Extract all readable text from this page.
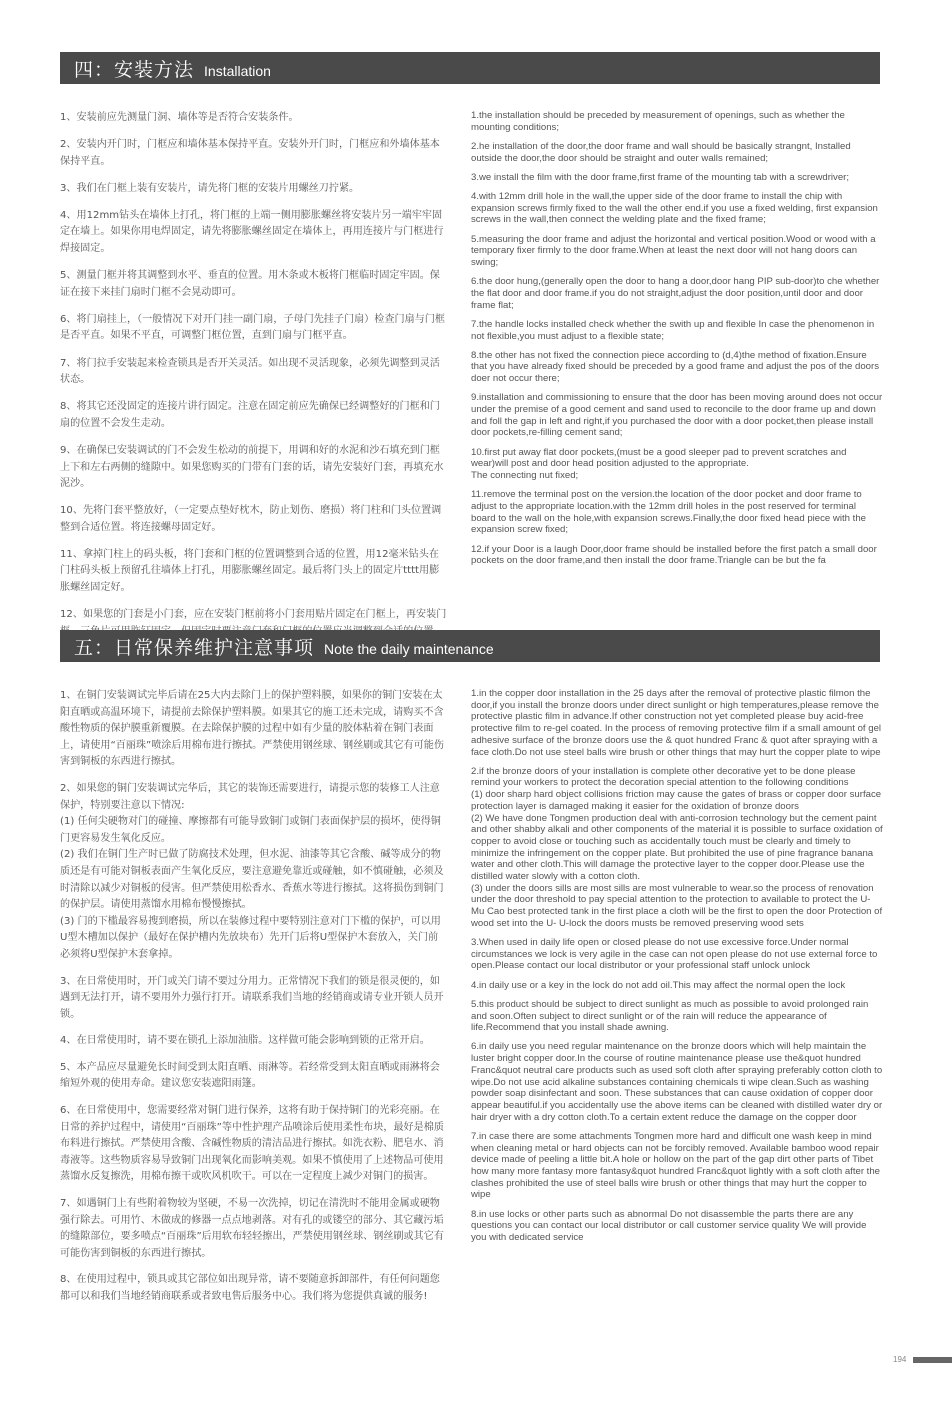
四：安装方法 Installation

1、安装前应先测量门洞、墙体等是否符合安装条件。

2、安装内开门时，门框应和墙体基本保持平直。安装外开门时，门框应和外墙体基本保持平直。

3、我们在门框上装有安装片，请先将门框的安装片用螺丝刀拧紧。

4、用12mm钻头在墙体上打孔，将门框的上端一侧用膨胀螺丝将安装片另一端牢牢固定在墙上。如果你用电焊固定，请先将膨胀螺丝固定在墙体上，再用连接片与门框进行焊接固定。

5、测量门框并将其调整到水平、垂直的位置。用木条或木板将门框临时固定牢固。保证在接下来挂门扇时门框不会晃动即可。

6、将门扇挂上，（一般情况下对开门挂一副门扇，子母门先挂子门扇）检查门扇与门框是否平直。如果不平直，可调整门框位置，直到门扇与门框平直。

7、将门拉手安装起来检查锁具是否开关灵活。如出现不灵活现象，必须先调整到灵活状态。

8、将其它还没固定的连接片讲行固定。注意在固定前应先确保已经调整好的门框和门扇的位置不会发生走动。

9、在确保已安装调试的门不会发生松动的前提下，用调和好的水泥和沙石填充到门框上下和左右两侧的缝隙中。如果您购买的门带有门套的话，请先安装好门套，再填充水泥沙。

10、先将门套平整放好，（一定要点垫好枕木，防止划伤、磨损）将门柱和门头位置调整到合适位置。将连接螺母固定好。

11、拿掉门柱上的码头板，将门套和门框的位置调整到合适的位置，用12毫米钻头在门柱码头板上预留孔往墙体上打孔，用膨胀螺丝固定。最后将门头上的固定片tttt用膨胀螺丝固定好。

12、如果您的门套是小门套，应在安装门框前将小门套用贴片固定在门框上，再安装门

1.the installation should be preceded by measurement of openings, such as whether the mounting conditions;

2.he installation of the door,the door frame and wall should be basically strangnt, Installed outside the door,the door should be straight and outer walls remained;

3.we install the film with the door frame,first frame of the mounting tab with a screwdriver;

4.with 12mm drill hole in the wall,the upper side of the door frame to install the chip with expansion screws firmly fixed to the wall the other end.if you use a fixed welding, first expansion screws in the wall,then connect the welding plate and the fixed frame;

5.measuring the door frame and adjust the horizontal and vertical position.Wood or wood with a temporary fixer firmly to the door frame.When at least the next door will not hang doors can swing;

6.the door hung,(generally open the door to hang a door,door hang PIP sub-door)to che whether the flat door and door frame.if you do not straight,adjust the door position,until door and door frame flat;

7.the handle locks installed check whether the swith up and flexible In case the phenomenon in not flexible,you must adjust to a flexible state;

8.the other has not fixed the connection piece according to (d,4)the method of fixation.Ensure that you have already fixed should be preceded by a good frame and adjust the pos of the doors doer not occur there;

9.installation and commissioning to ensure that the door has been moving around does not occur under the premise of a good cement and sand used to reconcile to the door frame up and down and foll the gap in left and right,if you purchased the door with a door pocket,then please install door pockets,re-filling cement sand;

10.first put away flat door pockets,(must be a good sleeper pad to prevent scratches and wear)will post and door head position adjusted to the appropriate.
The connecting nut fixed;

11.remove the terminal post on the version.the location of the door pocket and door frame to adjust to the appropriate location.with the 12mm drill holes in the post reserved for terminal board to the wall on the hole,with expansion screws.Finally,the door fixed head piece with the expansion screw fixed;

12.if your Door is a laugh Door,door frame should be installed before the first patch a small door pockets on the door frame,and then install the door frame.Triangle can be but the fa

五：日常保养维护注意事项 Note the daily maintenance

1、在铜门安装调试完毕后请在25大内去除门上的保护塑料膜，如果你的铜门安装在太阳直晒或高温环境下，请提前去除保护塑料膜。如果其它的施工还未完成，请购买不含酸性物质的保护膜重新覆膜。在去除保护膜的过程中如有少量的胶体粘着在铜门表面上，请使用“百丽珠”喷涂后用棉布进行擦拭。严禁使用钢丝球、钢丝刷或其它有可能伤害到铜板的东西进行擦拭。

2、如果您的铜门安装调试完华后，其它的装饰还需要进行，请提示您的装修工人注意保护，特别要注意以下情况:
(1) 任何尖硬物对门的碰撞、摩擦都有可能导致铜门或铜门表面保护层的损坏，使得铜门更容易发生氧化反应。
(2) 我们在铜门生产时已做了防腐技术处理，但水泥、油漆等其它含酸、碱等成分的物质还是有可能对铜板表面产生氧化反应，要注意避免靠近或碰触，如不慎碰触，必须及时清除以减少对铜板的侵害。但严禁使用松香水、香蕉水等进行擦拭。这将损伤到铜门的保护层。请使用蒸馏水用棉布慢慢擦拭。
(3) 门的下槛最容易搜到磨损，所以在装修过程中要特别注意对门下槛的保护，可以用U型木槽加以保护（最好在保护槽内先放块布）先开门后将U型保护木套放入，关门前必须将U型保护木套拿掉。

3、在日常使用时，开门或关门请不要过分用力。正常情况下我们的锁是很灵便的，如遇到无法打开，请不要用外力强行打开。请联系我们当地的经销商或请专业开锁人员开锁。

4、在日常使用时，请不要在锁孔上添加油脂。这样做可能会影响到锁的正常开启。

5、本产品应尽量避免长时间受到太阳直晒、雨淋等。若经常受到太阳直晒或雨淋将会缩短外观的使用寿命。建议您安装遮阳雨篷。

6、在日常使用中，您需要经常对铜门进行保养，这将有助于保持铜门的光彩亮丽。在日常的养护过程中，请使用“百丽珠”等中性护理产品喷涂后使用柔性布块，最好是棉质布料进行擦拭。严禁使用含酸、含碱性物质的清洁品进行擦拭。如洗衣粉、肥皂水、消毒液等。这些物质容易导致铜门出现氧化而影响美观。如果不慎使用了上述物品可使用蒸馏水反复擦洗，用棉布擦干或吹风机吹干。可以在一定程度上减少对铜门的损害。

7、如遇铜门上有些附着物较为坚硬，不易一次洗掉，切记在清洗时不能用金属或硬物强行除去。可用竹、木做成的修器一点点地剥落。对有孔的或镂空的部分、其它藏污垢的缝隙部位，要多喷点“百丽珠”后用软布轻轻擦出，严禁使用钢丝球、钢丝刷或其它有可能伤害到铜板的东西进行擦拭。

8、在使用过程中，锁具或其它部位如出现异常，请不要随意拆卸部件，有任何问题您都可以和我们当地经销商联系或者致电售后服务中心。我们将为您提供真诚的服务!

1.in the copper door installation in the 25 days after the removal of protective plastic filmon the door,if you install the bronze doors under direct sunlight or high temperatures,please remove the protective plastic film in advance.If other construction not yet completed please buy acid-free protective film to re-gel coated. In the process of removing protective film if a small amount of gel adhesive surface of the bronze doors use the & quot hundred Franc & quot after spraying with a face cloth.Do not use steel balls wire brush or other things that may hurt the copper plate to wipe

2.if the bronze doors of your installation is complete other decorative yet to be done please remind your workers to protect the decoration special attention to the following conditions
(1) door sharp hard object collisions friction may cause the gates of brass or copper door surface protection layer is damaged making it easier for the oxidation of bronze doors
(2) We have done Tongmen production deal with anti-corrosion technology but the cement paint and other shabby alkali and other components of the material it is possible to surface oxidation of copper to avoid close or touching such as accidentally touch must be clearly and timely to minimize the infringement on the copper plate. But prohibited the use of pine fragrance banana water and other cloth.This will damage the protective layer to the copper door.Please use the distilled water slowly with a cotton cloth.
(3) under the doors sills are most sills are most vulnerable to wear.so the process of renovation under the door threshold to pay special attention to the protection to available to protect the U-Mu Cao best protected tank in the first place a cloth will be the first to open the door Protection of wood set into the U- U-lock the doors musts be removed preserving wood sets

3.When used in daily life open or closed please do not use excessive force.Under normal circumstances we lock is very agile in the case can not open please do not use external force to open.Please contact our local distributor or your professional staff unlock unlock

4.in daily use or a key in the lock do not add oil.This may affect the normal open the lock

5.this product should be subject to direct sunlight as much as possible to avoid prolonged rain and soon.Often subject to direct sunlight or of the rain will reduce the appearance of life.Recommend that you install shade awning.

6.in daily use you need regular maintenance on the bronze doors which will help maintain the luster bright copper door.In the course of routine maintenance please use the&quot hundred Franc&quot neutral care products such as used soft cloth after spraying preferably cotton cloth to wipe.Do not use acid alkaline substances containing chemicals ti wipe clean.Such as washing powder soap disinfectant and soon. These substances that can cause oxidation of copper door appear beautiful.if you accidentally use the above items can be cleaned with distilled water dry or hair dryer with a dry cotton cloth.To a certain extent reduce the damage on the copper door

7.in case there are some attachments Tongmen more hard and difficult one wash keep in mind when cleaning metal or hard objects can not be forcibly removed. Available bamboo wood repair device made of peeling a little bit.A hole or hollow on the part of the gap dirt other parts of Tibet how many more fantasy more fantasy&quot hundred Franc&quot lightly with a soft cloth after the clashes prohibited the use of steel balls wire brush or other things that may hurt the copper to wipe

8.in use locks or other parts such as abnormal Do not disassemble the parts there are any questions you can contact our local distributor or call customer service quality We will provide you with dedicated service

194
